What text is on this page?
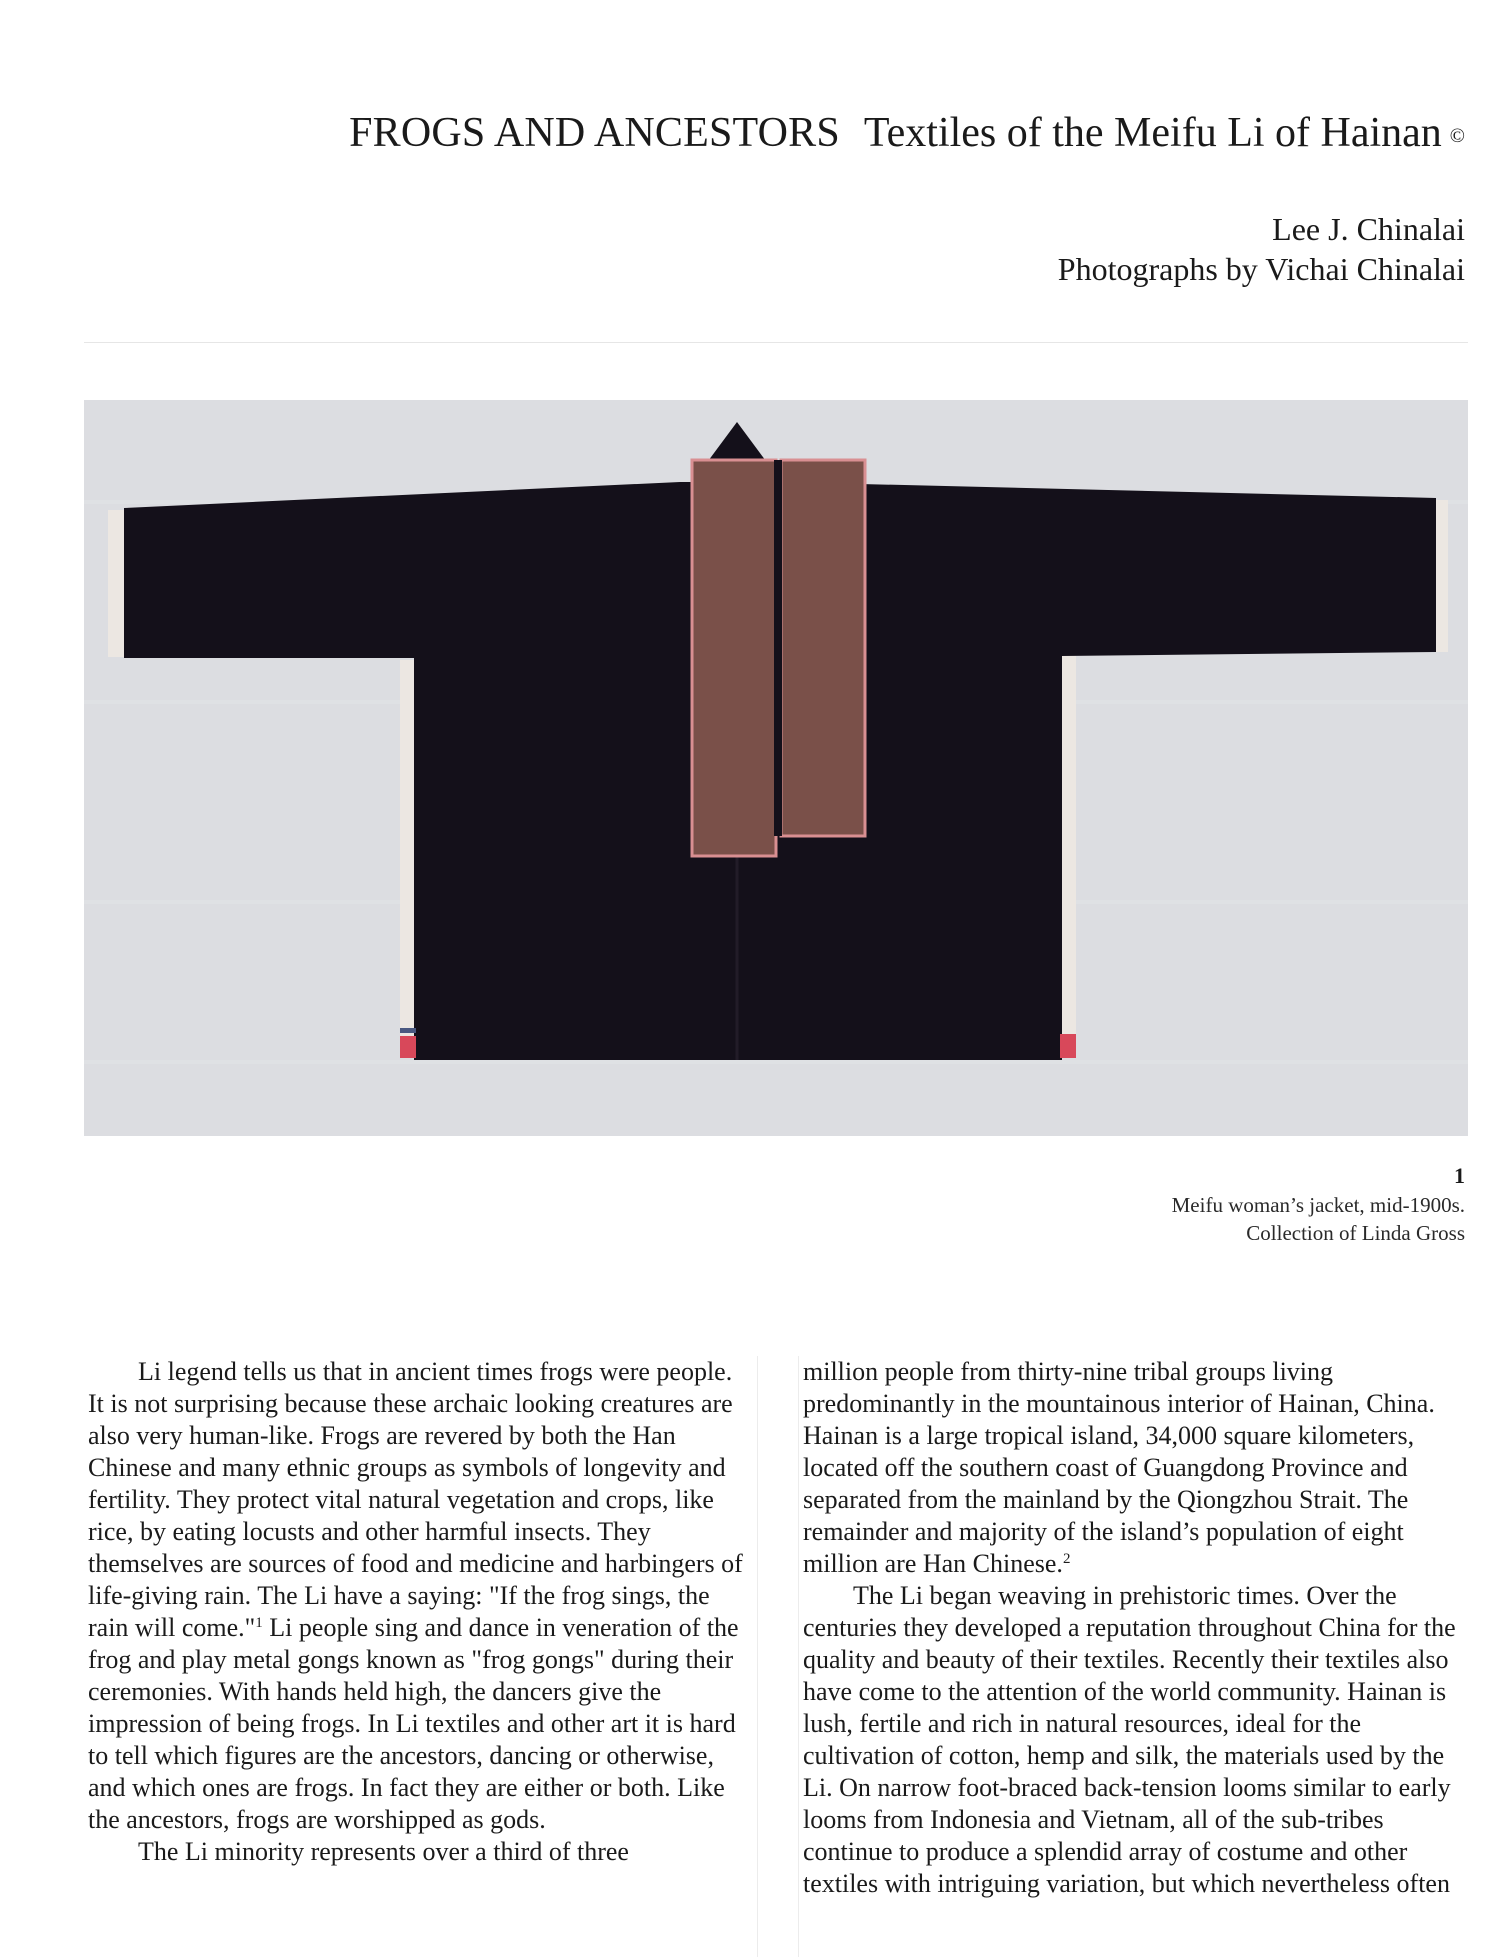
FROGS AND ANCESTORS Textiles of the Meifu Li of Hainan ©
Lee J. Chinalai
Photographs by Vichai Chinalai
1
Meifu woman’s jacket, mid-1900s.
Collection of Linda Gross

Li legend tells us that in ancient times frogs were people. It is not surprising because these archaic looking creatures are also very human-like. Frogs are revered by both the Han Chinese and many ethnic groups as symbols of longevity and fertility. They protect vital natural vegetation and crops, like rice, by eating locusts and other harmful insects. They themselves are sources of food and medicine and harbingers of life-giving rain. The Li have a saying: "If the frog sings, the rain will come."$^1$ Li people sing and dance in veneration of the frog and play metal gongs known as "frog gongs" during their ceremonies. With hands held high, the dancers give the impression of being frogs. In Li textiles and other art it is hard to tell which figures are the ancestors, dancing or otherwise, and which ones are frogs. In fact they are either or both. Like the ancestors, frogs are worshipped as gods.

The Li minority represents over a third of three

million people from thirty-nine tribal groups living predominantly in the mountainous interior of Hainan, China. Hainan is a large tropical island, 34,000 square kilometers, located off the southern coast of Guangdong Province and separated from the mainland by the Qiongzhou Strait. The remainder and majority of the island’s population of eight million are Han Chinese.$^2$

The Li began weaving in prehistoric times. Over the centuries they developed a reputation throughout China for the quality and beauty of their textiles. Recently their textiles also have come to the attention of the world community. Hainan is lush, fertile and rich in natural resources, ideal for the cultivation of cotton, hemp and silk, the materials used by the Li. On narrow foot-braced back-tension looms similar to early looms from Indonesia and Vietnam, all of the sub-tribes continue to produce a splendid array of costume and other textiles with intriguing variation, but which nevertheless often
